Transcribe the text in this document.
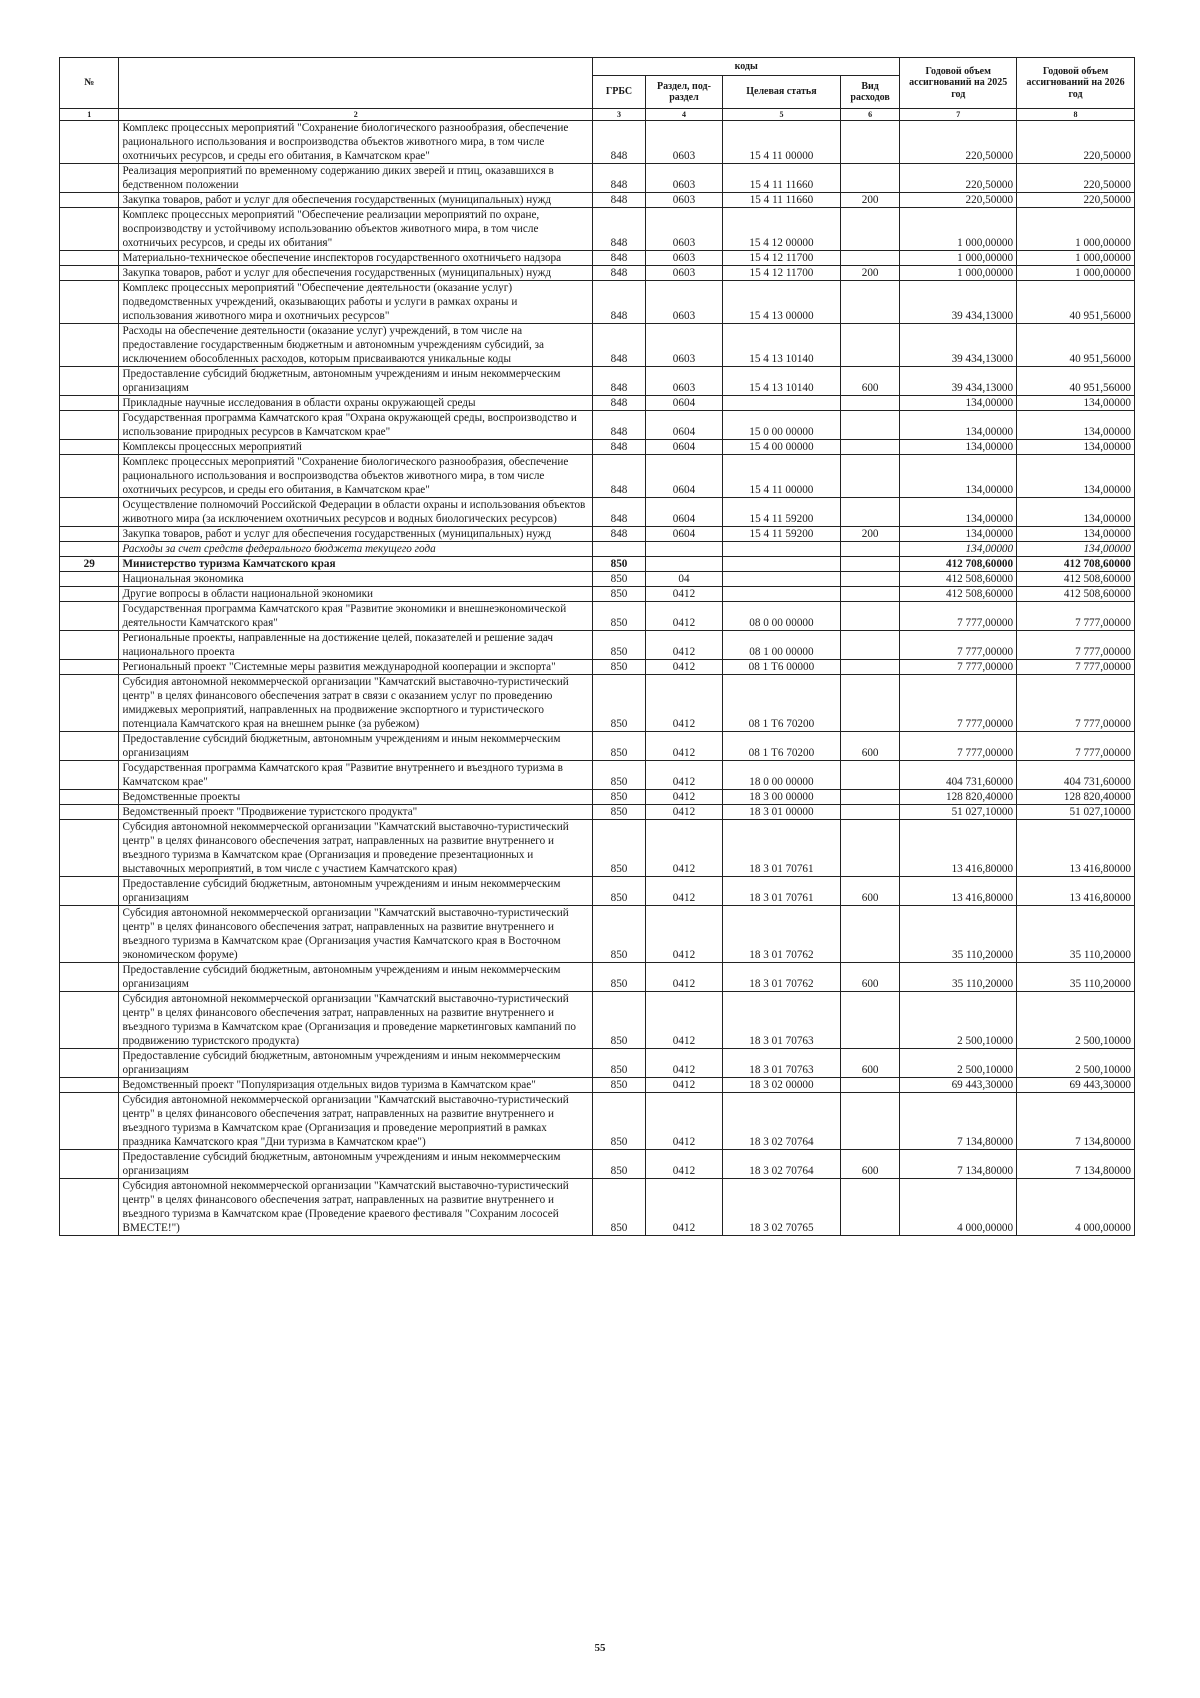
№		коды				Годовой объем ассигнований на 2025 год	Годовой объем ассигнований на 2026 год
		ГРБС	Раздел, под-раздел	Целевая статья	Вид расходов		
1	2	3	4	5	6	7	8
	Комплекс процессных мероприятий "Сохранение биологического разнообразия, обеспечение рационального использования и воспроизводства объектов животного мира, в том числе охотничьих ресурсов, и среды его обитания, в Камчатском крае"	848	0603	15 4 11 00000		220,50000	220,50000
	Реализация мероприятий по временному содержанию диких зверей и птиц, оказавшихся в бедственном положении	848	0603	15 4 11 11660		220,50000	220,50000
	Закупка товаров, работ и услуг для обеспечения государственных (муниципальных) нужд	848	0603	15 4 11 11660	200	220,50000	220,50000
	Комплекс процессных мероприятий "Обеспечение реализации мероприятий по охране, воспроизводству и устойчивому использованию объектов животного мира, в том числе охотничьих ресурсов, и среды их обитания"	848	0603	15 4 12 00000		1 000,00000	1 000,00000
	Материально-техническое обеспечение инспекторов государственного охотничьего надзора	848	0603	15 4 12 11700		1 000,00000	1 000,00000
	Закупка товаров, работ и услуг для обеспечения государственных (муниципальных) нужд	848	0603	15 4 12 11700	200	1 000,00000	1 000,00000
	Комплекс процессных мероприятий "Обеспечение деятельности (оказание услуг) подведомственных учреждений, оказывающих работы и услуги в рамках охраны и использования животного мира и охотничьих ресурсов"	848	0603	15 4 13 00000		39 434,13000	40 951,56000
	Расходы на обеспечение деятельности (оказание услуг) учреждений, в том числе на предоставление государственным бюджетным и автономным учреждениям субсидий, за исключением обособленных расходов, которым присваиваются уникальные коды	848	0603	15 4 13 10140		39 434,13000	40 951,56000
	Предоставление субсидий бюджетным, автономным учреждениям и иным некоммерческим организациям	848	0603	15 4 13 10140	600	39 434,13000	40 951,56000
	Прикладные научные исследования в области охраны окружающей среды	848	0604			134,00000	134,00000
	Государственная программа Камчатского края "Охрана окружающей среды, воспроизводство и использование природных ресурсов в Камчатском крае"	848	0604	15 0 00 00000		134,00000	134,00000
	Комплексы процессных мероприятий	848	0604	15 4 00 00000		134,00000	134,00000
	Комплекс процессных мероприятий "Сохранение биологического разнообразия, обеспечение рационального использования и воспроизводства объектов животного мира, в том числе охотничьих ресурсов, и среды его обитания, в Камчатском крае"	848	0604	15 4 11 00000		134,00000	134,00000
	Осуществление полномочий Российской Федерации в области охраны и использования объектов животного мира (за исключением охотничьих ресурсов и водных биологических ресурсов)	848	0604	15 4 11 59200		134,00000	134,00000
	Закупка товаров, работ и услуг для обеспечения государственных (муниципальных) нужд	848	0604	15 4 11 59200	200	134,00000	134,00000
	Расходы за счет средств федерального бюджета текущего года					134,00000	134,00000
29	Министерство туризма Камчатского края	850				412 708,60000	412 708,60000
	Национальная экономика	850	04			412 508,60000	412 508,60000
	Другие вопросы в области национальной экономики	850	0412			412 508,60000	412 508,60000
	Государственная программа Камчатского края "Развитие экономики и внешнеэкономической деятельности Камчатского края"	850	0412	08 0 00 00000		7 777,00000	7 777,00000
	Региональные проекты, направленные на достижение целей, показателей и решение задач национального проекта	850	0412	08 1 00 00000		7 777,00000	7 777,00000
	Региональный проект "Системные меры развития международной кооперации и экспорта"	850	0412	08 1 Т6 00000		7 777,00000	7 777,00000
	Субсидия автономной некоммерческой организации "Камчатский выставочно-туристический центр" в целях финансового обеспечения затрат в связи с оказанием услуг по проведению имиджевых мероприятий, направленных на продвижение экспортного и туристического потенциала Камчатского края на внешнем рынке (за рубежом)	850	0412	08 1 Т6 70200		7 777,00000	7 777,00000
	Предоставление субсидий бюджетным, автономным учреждениям и иным некоммерческим организациям	850	0412	08 1 Т6 70200	600	7 777,00000	7 777,00000
	Государственная программа Камчатского края "Развитие внутреннего и въездного туризма в Камчатском крае"	850	0412	18 0 00 00000		404 731,60000	404 731,60000
	Ведомственные проекты	850	0412	18 3 00 00000		128 820,40000	128 820,40000
	Ведомственный проект "Продвижение туристского продукта"	850	0412	18 3 01 00000		51 027,10000	51 027,10000
	Субсидия автономной некоммерческой организации "Камчатский выставочно-туристический центр" в целях финансового обеспечения затрат, направленных на развитие внутреннего и въездного туризма в Камчатском крае (Организация и проведение презентационных и выставочных мероприятий, в том числе с участием Камчатского края)	850	0412	18 3 01 70761		13 416,80000	13 416,80000
	Предоставление субсидий бюджетным, автономным учреждениям и иным некоммерческим организациям	850	0412	18 3 01 70761	600	13 416,80000	13 416,80000
	Субсидия автономной некоммерческой организации "Камчатский выставочно-туристический центр" в целях финансового обеспечения затрат, направленных на развитие внутреннего и въездного туризма в Камчатском крае (Организация участия Камчатского края в Восточном экономическом форуме)	850	0412	18 3 01 70762		35 110,20000	35 110,20000
	Предоставление субсидий бюджетным, автономным учреждениям и иным некоммерческим организациям	850	0412	18 3 01 70762	600	35 110,20000	35 110,20000
	Субсидия автономной некоммерческой организации "Камчатский выставочно-туристический центр" в целях финансового обеспечения затрат, направленных на развитие внутреннего и въездного туризма в Камчатском крае (Организация и проведение маркетинговых кампаний по продвижению туристского продукта)	850	0412	18 3 01 70763		2 500,10000	2 500,10000
	Предоставление субсидий бюджетным, автономным учреждениям и иным некоммерческим организациям	850	0412	18 3 01 70763	600	2 500,10000	2 500,10000
	Ведомственный проект "Популяризация отдельных видов туризма в Камчатском крае"	850	0412	18 3 02 00000		69 443,30000	69 443,30000
	Субсидия автономной некоммерческой организации "Камчатский выставочно-туристический центр" в целях финансового обеспечения затрат, направленных на развитие внутреннего и въездного туризма в Камчатском крае (Организация и проведение мероприятий в рамках праздника Камчатского края "Дни туризма в Камчатском крае")	850	0412	18 3 02 70764		7 134,80000	7 134,80000
	Предоставление субсидий бюджетным, автономным учреждениям и иным некоммерческим организациям	850	0412	18 3 02 70764	600	7 134,80000	7 134,80000
	Субсидия автономной некоммерческой организации "Камчатский выставочно-туристический центр" в целях финансового обеспечения затрат, направленных на развитие внутреннего и въездного туризма в Камчатском крае (Проведение краевого фестиваля "Сохраним лососей ВМЕСТЕ!")	850	0412	18 3 02 70765		4 000,00000	4 000,00000
55
